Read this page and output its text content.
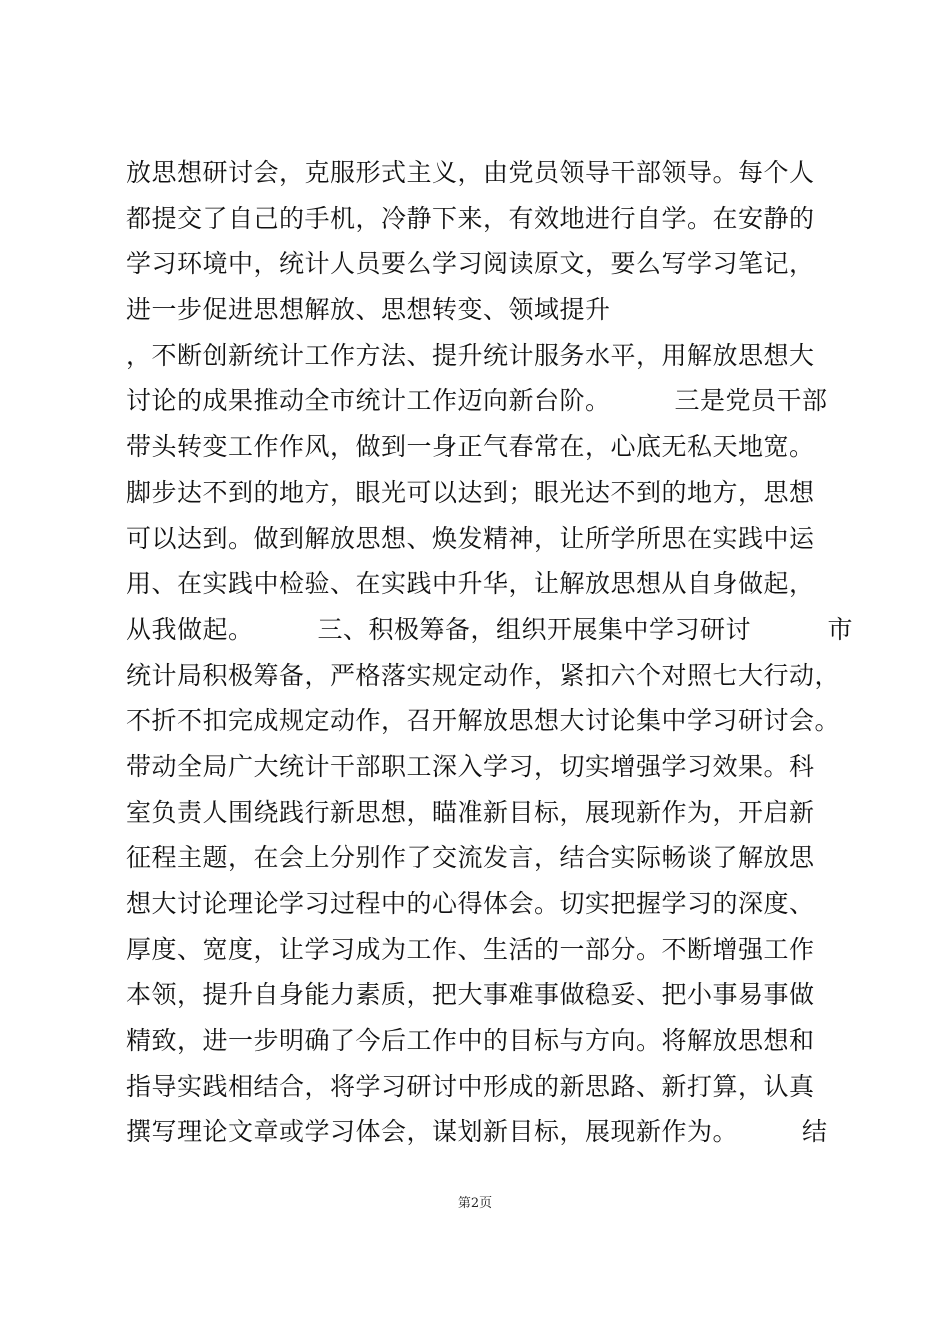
放思想研讨会，克服形式主义，由党员领导干部领导。每个人
都提交了自己的手机，冷静下来，有效地进行自学。在安静的
学习环境中，统计人员要么学习阅读原文，要么写学习笔记，
进一步促进思想解放、思想转变、领域提升
，不断创新统计工作方法、提升统计服务水平，用解放思想大
讨论的成果推动全市统计工作迈向新台阶。　　　三是党员干部
带头转变工作作风，做到一身正气春常在，心底无私天地宽。
脚步达不到的地方，眼光可以达到；眼光达不到的地方，思想
可以达到。做到解放思想、焕发精神，让所学所思在实践中运
用、在实践中检验、在实践中升华，让解放思想从自身做起，
从我做起。　　　三、积极筹备，组织开展集中学习研讨　　　市
统计局积极筹备，严格落实规定动作，紧扣六个对照七大行动，
不折不扣完成规定动作，召开解放思想大讨论集中学习研讨会。
带动全局广大统计干部职工深入学习，切实增强学习效果。科
室负责人围绕践行新思想，瞄准新目标，展现新作为，开启新
征程主题，在会上分别作了交流发言，结合实际畅谈了解放思
想大讨论理论学习过程中的心得体会。切实把握学习的深度、
厚度、宽度，让学习成为工作、生活的一部分。不断增强工作
本领，提升自身能力素质，把大事难事做稳妥、把小事易事做
精致，进一步明确了今后工作中的目标与方向。将解放思想和
指导实践相结合，将学习研讨中形成的新思路、新打算，认真
撰写理论文章或学习体会，谋划新目标，展现新作为。　　　结
第2页
